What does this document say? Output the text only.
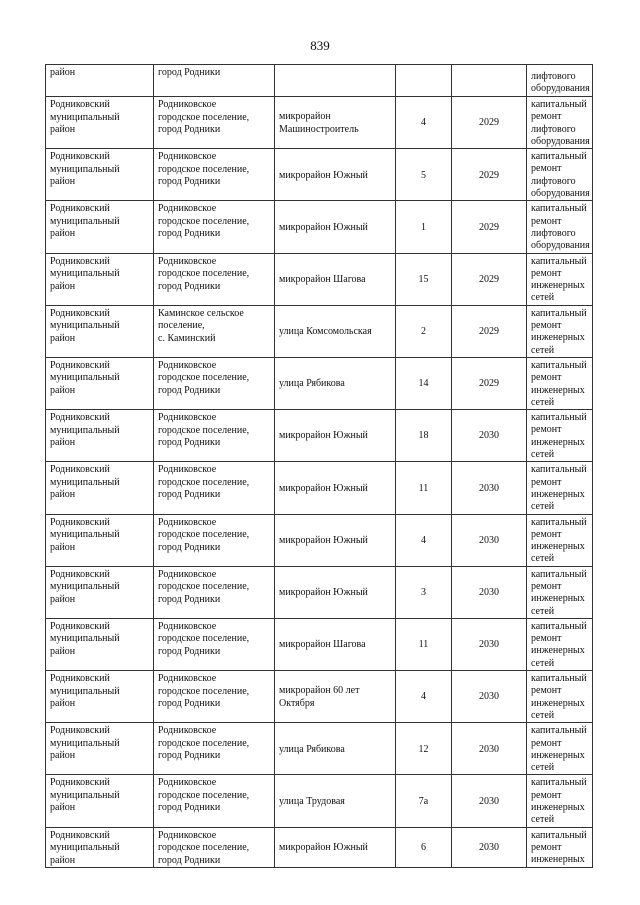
839
район	город Родники				лифтового
оборудования
Родниковский
муниципальный
район	Родниковское
городское поселение,
город Родники	микрорайон
Машиностроитель	4	2029	капитальный
ремонт
лифтового
оборудования
Родниковский
муниципальный
район	Родниковское
городское поселение,
город Родники	микрорайон Южный	5	2029	капитальный
ремонт
лифтового
оборудования
Родниковский
муниципальный
район	Родниковское
городское поселение,
город Родники	микрорайон Южный	1	2029	капитальный
ремонт
лифтового
оборудования
Родниковский
муниципальный
район	Родниковское
городское поселение,
город Родники	микрорайон Шагова	15	2029	капитальный
ремонт
инженерных
сетей
Родниковский
муниципальный
район	Каминское сельское
поселение,
с. Каминский	улица Комсомольская	2	2029	капитальный
ремонт
инженерных
сетей
Родниковский
муниципальный
район	Родниковское
городское поселение,
город Родники	улица Рябикова	14	2029	капитальный
ремонт
инженерных
сетей
Родниковский
муниципальный
район	Родниковское
городское поселение,
город Родники	микрорайон Южный	18	2030	капитальный
ремонт
инженерных
сетей
Родниковский
муниципальный
район	Родниковское
городское поселение,
город Родники	микрорайон Южный	11	2030	капитальный
ремонт
инженерных
сетей
Родниковский
муниципальный
район	Родниковское
городское поселение,
город Родники	микрорайон Южный	4	2030	капитальный
ремонт
инженерных
сетей
Родниковский
муниципальный
район	Родниковское
городское поселение,
город Родники	микрорайон Южный	3	2030	капитальный
ремонт
инженерных
сетей
Родниковский
муниципальный
район	Родниковское
городское поселение,
город Родники	микрорайон Шагова	11	2030	капитальный
ремонт
инженерных
сетей
Родниковский
муниципальный
район	Родниковское
городское поселение,
город Родники	микрорайон 60 лет
Октября	4	2030	капитальный
ремонт
инженерных
сетей
Родниковский
муниципальный
район	Родниковское
городское поселение,
город Родники	улица Рябикова	12	2030	капитальный
ремонт
инженерных
сетей
Родниковский
муниципальный
район	Родниковское
городское поселение,
город Родники	улица Трудовая	7а	2030	капитальный
ремонт
инженерных
сетей
Родниковский
муниципальный
район	Родниковское
городское поселение,
город Родники	микрорайон Южный	6	2030	капитальный
ремонт
инженерных
